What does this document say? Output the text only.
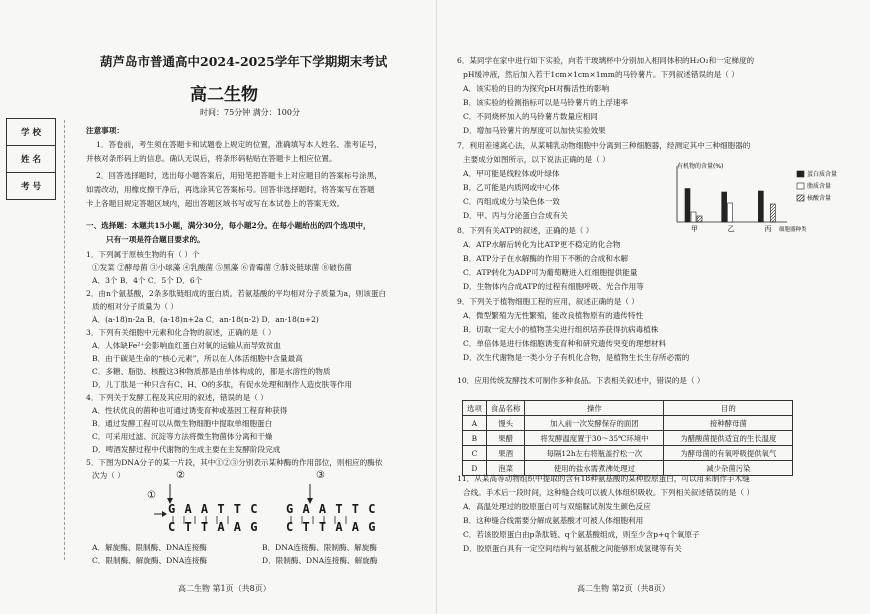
葫芦岛市普通高中2024-2025学年下学期期末考试
高二生物
时间：75分钟 满分：100分
学 校
姓 名
考 号
注意事项：
1．答卷前，考生须在答题卡和试题卷上规定的位置，准确填写本人姓名、准考证号，
并核对条形码上的信息。确认无误后，将条形码粘贴在答题卡上相应位置。
2．回答选择题时，选出每小题答案后，用铅笔把答题卡上对应题目的答案标号涂黑，
如需改动，用橡皮擦干净后，再选涂其它答案标号。回答非选择题时，将答案写在答题
卡上各题目规定答题区域内，超出答题区域书写或写在本试卷上的答案无效。
一、选择题：本题共15小题，满分30分，每小题2分。在每小题给出的四个选项中，
只有一项是符合题目要求的。
1．下列属于原核生物的有（ ）个
①发菜 ②酵母菌 ③小球藻 ④乳酸菌 ⑤黑藻 ⑥青霉菌 ⑦肺炎链球菌 ⑧破伤菌
A．3个 B．4个 C．5个 D．6个
2．由n个氨基酸，2条多肽链组成的蛋白质。若氨基酸的平均相对分子质量为a，则该蛋白
质的相对分子质量为（ ）
A．(a-18)n-2a B．(a-18)n+2a C．an-18(n-2) D．an-18(n+2)
3．下列有关细胞中元素和化合物的叙述，正确的是（ ）
A．人体缺Fe²⁺会影响血红蛋白对氧的运输从而导致贫血
B．由于碳是生命的“核心元素”，所以在人体活细胞中含量最高
C．多糖、脂肪、核酸这3种物质都是由单体构成的，都是水溶性的物质
D．儿丁肽是一种只含有C、H、O的多肽，有促水处理和制作人造皮肤等作用
4．下列关于发酵工程及其应用的叙述，错误的是（ ）
A．性状优良的菌种也可通过诱变育种或基因工程育种获得
B．通过发酵工程可以从微生物细胞中提取单细胞蛋白
C．可采用过滤、沉淀等方法将微生物菌体分离和干燥
D．啤酒发酵过程中代谢物的生成主要在主发酵阶段完成
5．下图为DNA分子的某一片段，其中①②③分别表示某种酶的作用部位，则相应的酶依
次为（ ）
①
②	③
G A A T T C
C T T A A G
G A A T T C
C T T A A G
A．解旋酶、限制酶、DNA连接酶	B．DNA连接酶、限制酶、解旋酶
C．限制酶、解旋酶、DNA连接酶	D．限制酶、DNA连接酶、解旋酶
高二生物 第1页（共8页）
6．某同学在家中进行如下实验，向若干玻璃杯中分别加入相同体积的H₂O₂和一定梯度的
pH缓冲液，然后加入若干1cm×1cm×1mm的马铃薯片。下列叙述错误的是（ ）
A．该实验的目的为探究pH对酶活性的影响
B．该实验的检测指标可以是马铃薯片的上浮速率
C．不同烧杯加入的马铃薯片数量应相同
D．增加马铃薯片的厚度可以加快实验效果
7．利用差速离心法，从某哺乳动物细胞中分离到三种细胞器，经测定其中三种细胞器的
主要成分如图所示，以下说法正确的是（ ）
A．甲可能是线粒体或叶绿体
B．乙可能是内质网或中心体
C．丙组成成分与染色体一致
D．甲、丙与分泌蛋白合成有关
8．下列有关ATP的叙述，正确的是（ ）
A．ATP水解后转化为比ATP更不稳定的化合物
B．ATP分子在水解酶的作用下不断的合成和水解
C．ATP转化为ADP可为葡萄糖进入红细胞提供能量
D．生物体内合成ATP的过程有细胞呼吸、光合作用等
9．下列关于植物细胞工程的应用，叙述正确的是（ ）
A．微型繁殖为无性繁殖，能改良植物原有的遗传特性
B．切取一定大小的植物茎尖进行组织培养获得抗病毒植株
C．单倍体是进行体细胞诱变育种和研究遗传突变的理想材料
D．次生代谢物是一类小分子有机化合物，是植物生长生存所必需的
10．应用传统发酵技术可制作多种食品。下表相关叙述中，错误的是（ ）
有机物的含量(%)
甲	乙	丙 细胞器种类
蛋白质含量
脂质含量
核酸含量
11．从某高等动物组织中提取的含有18种氨基酸的某种胶原蛋白，可以用来制作手术缝
合线。手术后一段时间，这种缝合线可以被人体组织吸收。下列相关叙述错误的是（ ）
A．高温处理过的胶原蛋白可与双缩脲试剂发生颜色反应
B．这种缝合线需要分解成氨基酸才可被人体细胞利用
C．若该胶原蛋白由p条肽链、q个氨基酸组成，则至少含p+q个氧原子
D．胶原蛋白具有一定空间结构与氨基酸之间能够形成氢键等有关
高二生物 第2页（共8页）
选项	食品名称	操作	目的
A	馒头	加入前一次发酵保存的面团	接种酵母菌
B	果醋	将发酵温度置于30～35℃环境中	为醋酸菌提供适宜的生长温度
C	果酒	每隔12h左右将瓶盖拧松一次	为酵母菌的有氧呼吸提供氧气
D	泡菜	使用的盐水需煮沸处理过	减少杂菌污染
